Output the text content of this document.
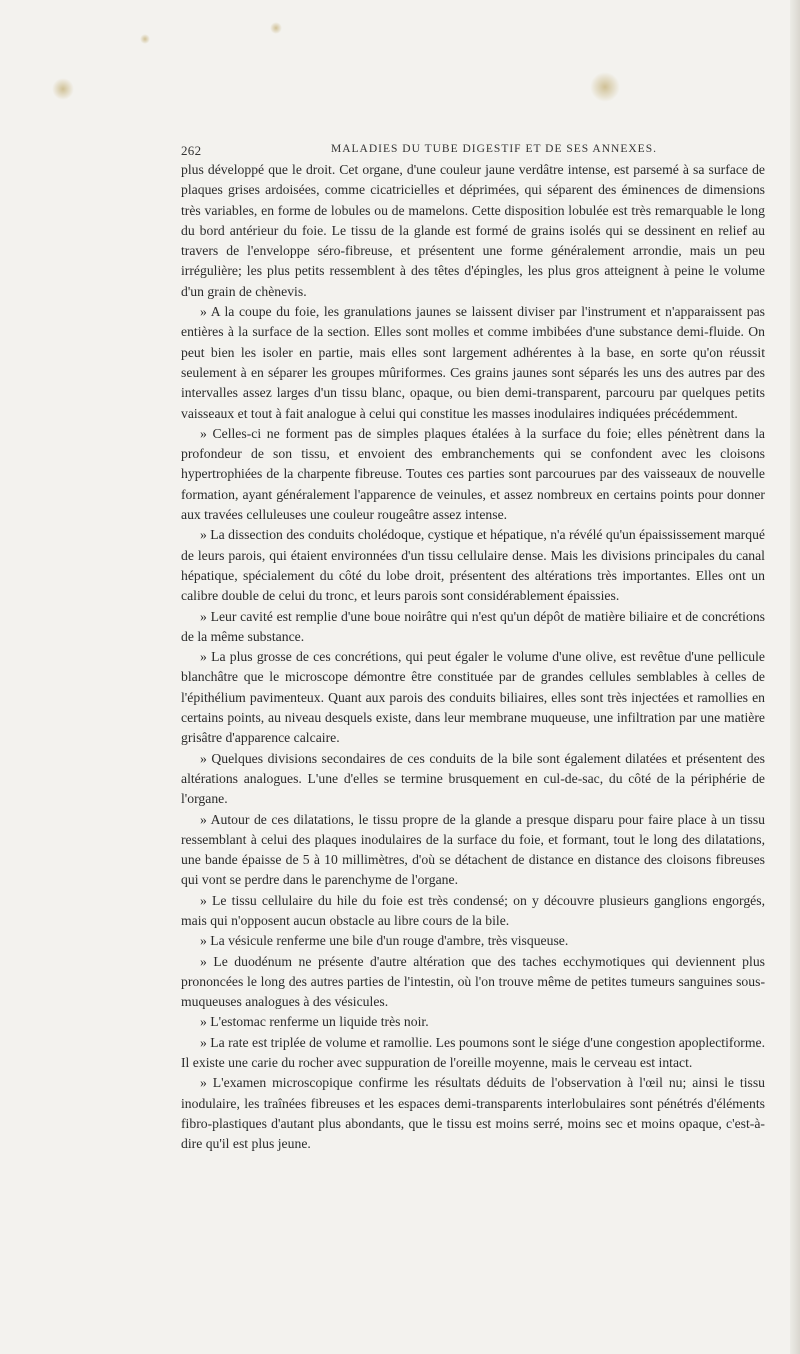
262	MALADIES DU TUBE DIGESTIF ET DE SES ANNEXES.

plus développé que le droit. Cet organe, d'une couleur jaune verdâtre intense, est parsemé à sa surface de plaques grises ardoisées, comme cicatricielles et déprimées, qui séparent des éminences de dimensions très variables, en forme de lobules ou de mamelons. Cette disposition lobulée est très remarquable le long du bord antérieur du foie. Le tissu de la glande est formé de grains isolés qui se dessinent en relief au travers de l'enveloppe séro-fibreuse, et présentent une forme généralement arrondie, mais un peu irrégulière; les plus petits ressemblent à des têtes d'épingles, les plus gros atteignent à peine le volume d'un grain de chènevis.

» A la coupe du foie, les granulations jaunes se laissent diviser par l'instrument et n'apparaissent pas entières à la surface de la section. Elles sont molles et comme imbibées d'une substance demi-fluide. On peut bien les isoler en partie, mais elles sont largement adhérentes à la base, en sorte qu'on réussit seulement à en séparer les groupes mûriformes. Ces grains jaunes sont séparés les uns des autres par des intervalles assez larges d'un tissu blanc, opaque, ou bien demi-transparent, parcouru par quelques petits vaisseaux et tout à fait analogue à celui qui constitue les masses inodulaires indiquées précédemment.

» Celles-ci ne forment pas de simples plaques étalées à la surface du foie; elles pénètrent dans la profondeur de son tissu, et envoient des embranchements qui se confondent avec les cloisons hypertrophiées de la charpente fibreuse. Toutes ces parties sont parcourues par des vaisseaux de nouvelle formation, ayant généralement l'apparence de veinules, et assez nombreux en certains points pour donner aux travées celluleuses une couleur rougeâtre assez intense.

» La dissection des conduits cholédoque, cystique et hépatique, n'a révélé qu'un épaississement marqué de leurs parois, qui étaient environnées d'un tissu cellulaire dense. Mais les divisions principales du canal hépatique, spécialement du côté du lobe droit, présentent des altérations très importantes. Elles ont un calibre double de celui du tronc, et leurs parois sont considérablement épaissies.

» Leur cavité est remplie d'une boue noirâtre qui n'est qu'un dépôt de matière biliaire et de concrétions de la même substance.

» La plus grosse de ces concrétions, qui peut égaler le volume d'une olive, est revêtue d'une pellicule blanchâtre que le microscope démontre être constituée par de grandes cellules semblables à celles de l'épithélium pavimenteux. Quant aux parois des conduits biliaires, elles sont très injectées et ramollies en certains points, au niveau desquels existe, dans leur membrane muqueuse, une infiltration par une matière grisâtre d'apparence calcaire.

» Quelques divisions secondaires de ces conduits de la bile sont également dilatées et présentent des altérations analogues. L'une d'elles se termine brusquement en cul-de-sac, du côté de la périphérie de l'organe.

» Autour de ces dilatations, le tissu propre de la glande a presque disparu pour faire place à un tissu ressemblant à celui des plaques inodulaires de la surface du foie, et formant, tout le long des dilatations, une bande épaisse de 5 à 10 millimètres, d'où se détachent de distance en distance des cloisons fibreuses qui vont se perdre dans le parenchyme de l'organe.

» Le tissu cellulaire du hile du foie est très condensé; on y découvre plusieurs ganglions engorgés, mais qui n'opposent aucun obstacle au libre cours de la bile.

» La vésicule renferme une bile d'un rouge d'ambre, très visqueuse.

» Le duodénum ne présente d'autre altération que des taches ecchymotiques qui deviennent plus prononcées le long des autres parties de l'intestin, où l'on trouve même de petites tumeurs sanguines sous-muqueuses analogues à des vésicules.

» L'estomac renferme un liquide très noir.

» La rate est triplée de volume et ramollie. Les poumons sont le siége d'une congestion apoplectiforme. Il existe une carie du rocher avec suppuration de l'oreille moyenne, mais le cerveau est intact.

» L'examen microscopique confirme les résultats déduits de l'observation à l'œil nu; ainsi le tissu inodulaire, les traînées fibreuses et les espaces demi-transparents interlobulaires sont pénétrés d'éléments fibro-plastiques d'autant plus abondants, que le tissu est moins serré, moins sec et moins opaque, c'est-à-dire qu'il est plus jeune.
